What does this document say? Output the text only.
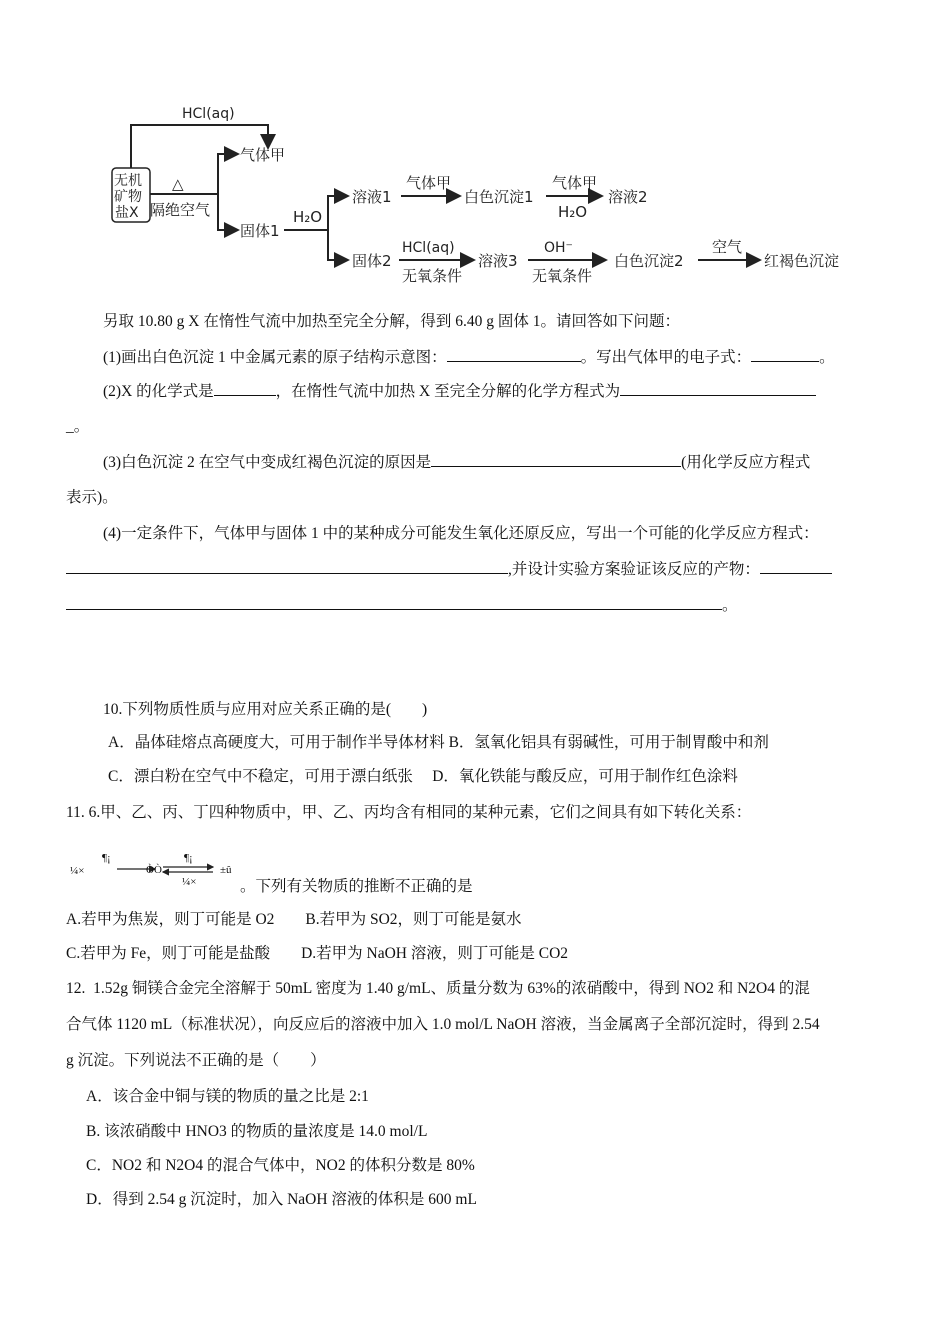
HCl(aq)
无机
矿物
盐X
△
隔绝空气
气体甲
固体1
H₂O
溶液1
气体甲
白色沉淀1
气体甲
H₂O
溶液2
固体2
HCl(aq)
无氧条件
溶液3
OH⁻
无氧条件
白色沉淀2
空气
红褐色沉淀
另取 10.80 g X 在惰性气流中加热至完全分解，得到 6.40 g 固体 1。请回答如下问题：
(1)画出白色沉淀 1 中金属元素的原子结构示意图：	。写出气体甲的电子式：	。
(2)X 的化学式是	，在惰性气流中加热 X 至完全分解的化学方程式为
_。
(3)白色沉淀 2 在空气中变成红褐色沉淀的原因是	(用化学反应方程式
表示)。
(4)一定条件下，气体甲与固体 1 中的某种成分可能发生氧化还原反应，写出一个可能的化学反应方程式：
,并设计实验方案验证该反应的产物：
。
10.下列物质性质与应用对应关系正确的是(　　)
A．晶体硅熔点高硬度大，可用于制作半导体材料 B．氢氧化铝具有弱碱性，可用于制胃酸中和剂
C．漂白粉在空气中不稳定，可用于漂白纸张　 D．氧化铁能与酸反应，可用于制作红色涂料
11. 6.甲、乙、丙、丁四种物质中，甲、乙、丙均含有相同的某种元素，它们之间具有如下转化关系：
¼×
¶¡
ÒÒ
¶¡
¼×
±û
。下列有关物质的推断不正确的是
A.若甲为焦炭，则丁可能是 O2　　B.若甲为 SO2，则丁可能是氨水
C.若甲为 Fe，则丁可能是盐酸　　D.若甲为 NaOH 溶液，则丁可能是 CO2
12.  1.52g 铜镁合金完全溶解于 50mL 密度为 1.40 g/mL、质量分数为 63%的浓硝酸中，得到 NO2 和 N2O4 的混
合气体 1120 mL（标准状况），向反应后的溶液中加入 1.0 mol/L NaOH 溶液，当金属离子全部沉淀时，得到 2.54
g 沉淀。下列说法不正确的是（　　）
A．该合金中铜与镁的物质的量之比是 2:1
B. 该浓硝酸中 HNO3 的物质的量浓度是 14.0 mol/L
C．NO2 和 N2O4 的混合气体中，NO2 的体积分数是 80%
D．得到 2.54 g 沉淀时，加入 NaOH 溶液的体积是 600 mL
